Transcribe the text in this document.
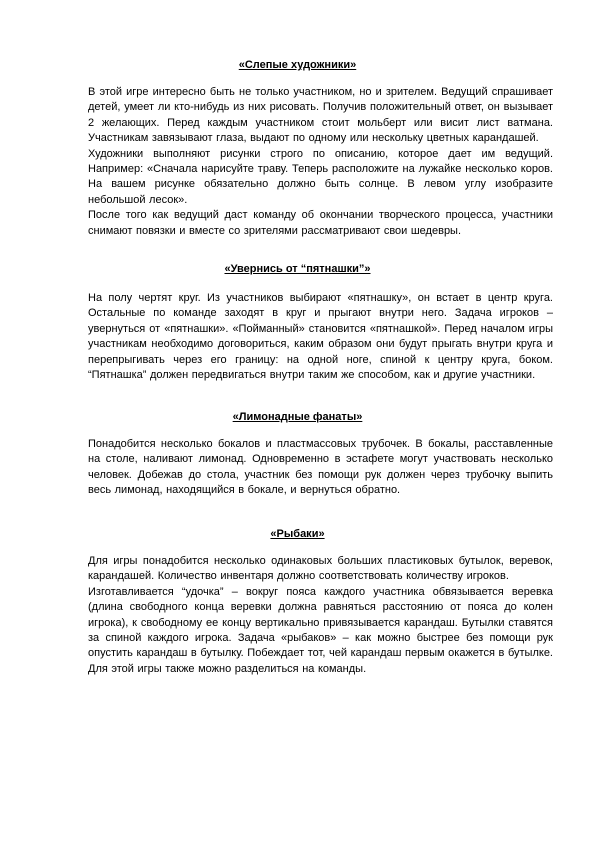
«Слепые художники»
В этой игре интересно быть не только участником, но и зрителем. Ведущий спрашивает детей, умеет ли кто-нибудь из них рисовать. Получив положительный ответ, он вызывает 2 желающих. Перед каждым участником стоит мольберт или висит лист ватмана. Участникам завязывают глаза, выдают по одному или нескольку цветных карандашей.
Художники выполняют рисунки строго по описанию, которое дает им ведущий. Например: «Сначала нарисуйте траву. Теперь расположите на лужайке несколько коров. На вашем рисунке обязательно должно быть солнце. В левом углу изобразите небольшой лесок».
После того как ведущий даст команду об окончании творческого процесса, участники снимают повязки и вместе со зрителями рассматривают свои шедевры.
«Увернись от “пятнашки”»
На полу чертят круг. Из участников выбирают «пятнашку», он встает в центр круга. Остальные по команде заходят в круг и прыгают внутри него. Задача игроков – увернуться от «пятнашки». «Пойманный» становится «пятнашкой». Перед началом игры участникам необходимо договориться, каким образом они будут прыгать внутри круга и перепрыгивать через его границу: на одной ноге, спиной к центру круга, боком. “Пятнашка” должен передвигаться внутри таким же способом, как и другие участники.
«Лимонадные фанаты»
Понадобится несколько бокалов и пластмассовых трубочек. В бокалы, расставленные на столе, наливают лимонад. Одновременно в эстафете могут участвовать несколько человек. Добежав до стола, участник без помощи рук должен через трубочку выпить весь лимонад, находящийся в бокале, и вернуться обратно.
«Рыбаки»
Для игры понадобится несколько одинаковых больших пластиковых бутылок, веревок, карандашей. Количество инвентаря должно соответствовать количеству игроков.
Изготавливается “удочка” – вокруг пояса каждого участника обвязывается веревка (длина свободного конца веревки должна равняться расстоянию от пояса до колен игрока), к свободному ее концу вертикально привязывается карандаш. Бутылки ставятся за спиной каждого игрока. Задача «рыбаков» – как можно быстрее без помощи рук опустить карандаш в бутылку. Побеждает тот, чей карандаш первым окажется в бутылке. Для этой игры также можно разделиться на команды.
